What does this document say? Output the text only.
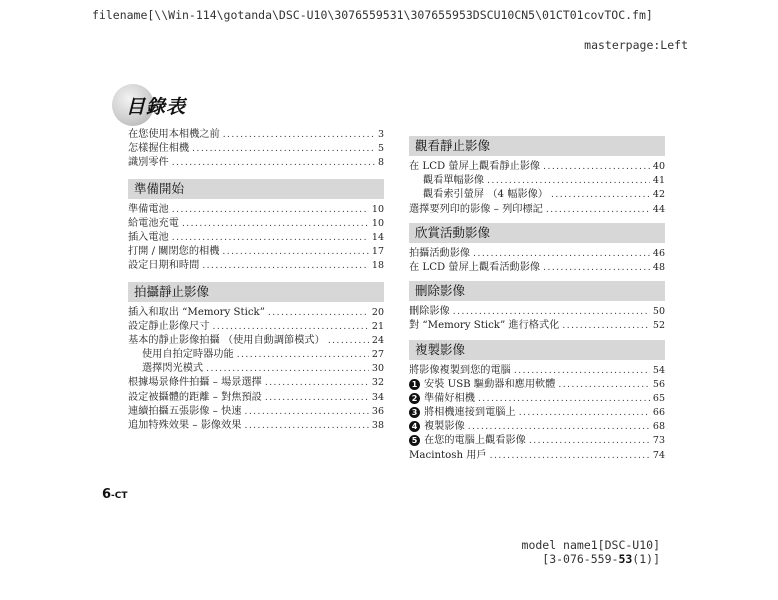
filename[\\Win-114\gotanda\DSC-U10\3076559531\307655953DSCU10CN5\01CT01covTOC.fm]
masterpage:Left
目錄表
在您使用本相機之前 .....	3
怎樣握住相機 .....	5
識別零件 .....	8
準備開始
準備電池 .....	10
給電池充電 .....	10
插入電池 .....	14
打開 / 關閉您的相機 .....	17
設定日期和時間 .....	18
拍攝靜止影像
插入和取出 “Memory Stick” .....	20
設定靜止影像尺寸 .....	21
基本的靜止影像拍攝 （使用自動調節模式） .....	24
使用自拍定時器功能 .....	27
選擇閃光模式 .....	30
根據場景條件拍攝 – 場景選擇 .....	32
設定被攝體的距離 – 對焦預設 .....	34
連續拍攝五張影像 – 快速 .....	36
追加特殊效果 – 影像效果 .....	38
觀看靜止影像
在 LCD 螢屏上觀看靜止影像 .....	40
觀看單幅影像 .....	41
觀看索引螢屏 （4 幅影像） .....	42
選擇要列印的影像 – 列印標記 .....	44
欣賞活動影像
拍攝活動影像 .....	46
在 LCD 螢屏上觀看活動影像 .....	48
刪除影像
刪除影像 .....	50
對 “Memory Stick” 進行格式化 .....	52
複製影像
將影像複製到您的電腦 .....	54
1 安裝 USB 驅動器和應用軟體 .....	56
2 準備好相機 .....	65
3 將相機連接到電腦上 .....	66
4 複製影像 .....	68
5 在您的電腦上觀看影像 .....	73
Macintosh 用戶 .....	74
6-CT
model name1[DSC-U10]
[3-076-559-53(1)]
